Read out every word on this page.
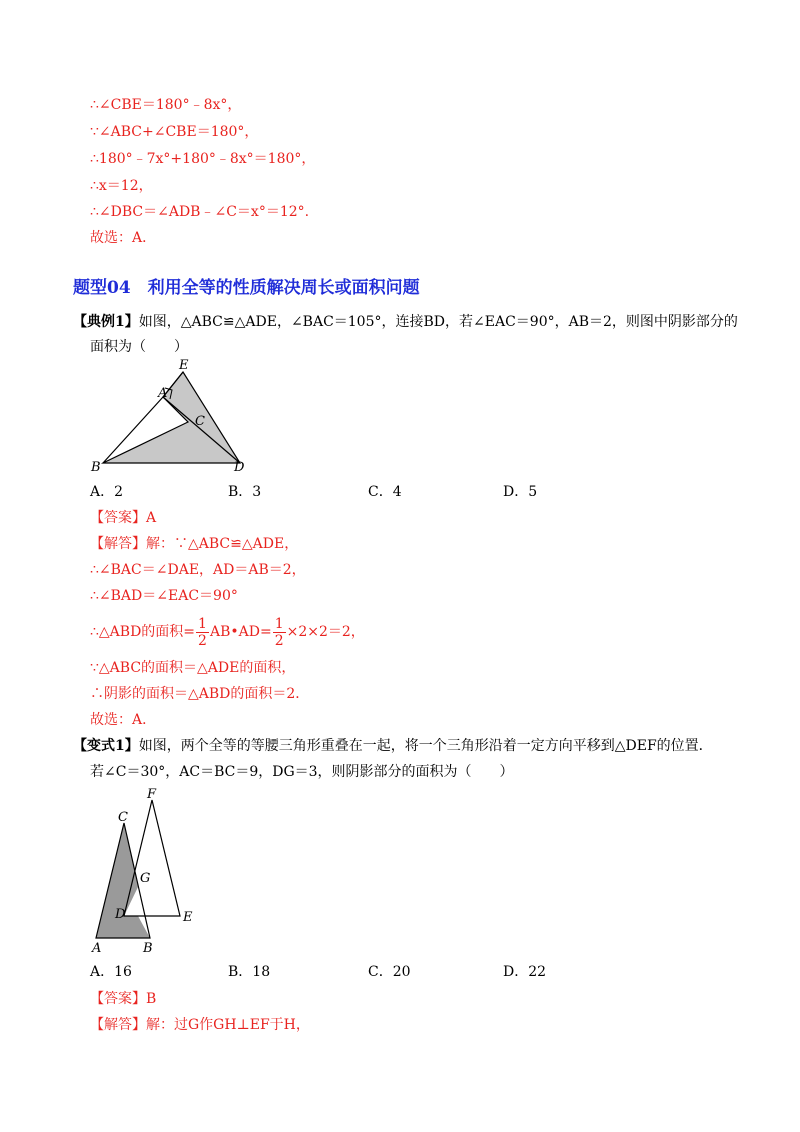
∴∠CBE＝180°﹣8x°，
∵∠ABC+∠CBE＝180°，
∴180°﹣7x°+180°﹣8x°＝180°，
∴x＝12，
∴∠DBC＝∠ADB﹣∠C＝x°＝12°.
故选：A．
题型04　利用全等的性质解决周长或面积问题
【典例1】如图，△ABC≌△ADE，∠BAC＝105°，连接BD，若∠EAC＝90°，AB＝2，则图中阴影部分的
面积为（　　）
E
A
C
B	D
A．2	B．3	C．4	D．5
【答案】A
【解答】解：∵△ABC≌△ADE，
∴∠BAC＝∠DAE，AD＝AB＝2，
∴∠BAD＝∠EAC＝90°
∴△ABD的面积= $\frac{1}{2}$ AB•AD= $\frac{1}{2} \times 2\times 2=2$，
∵△ABC的面积＝△ADE的面积，
∴阴影的面积＝△ABD的面积＝2．
故选：A．
【变式1】如图，两个全等的等腰三角形重叠在一起，将一个三角形沿着一定方向平移到△DEF的位置．
若∠C＝30°，AC＝BC＝9，DG＝3，则阴影部分的面积为（　　）
F
C
G
D	E
A	B
A．16	B．18	C．20	D．22
【答案】B
【解答】解：过G作GH⊥EF于H，
